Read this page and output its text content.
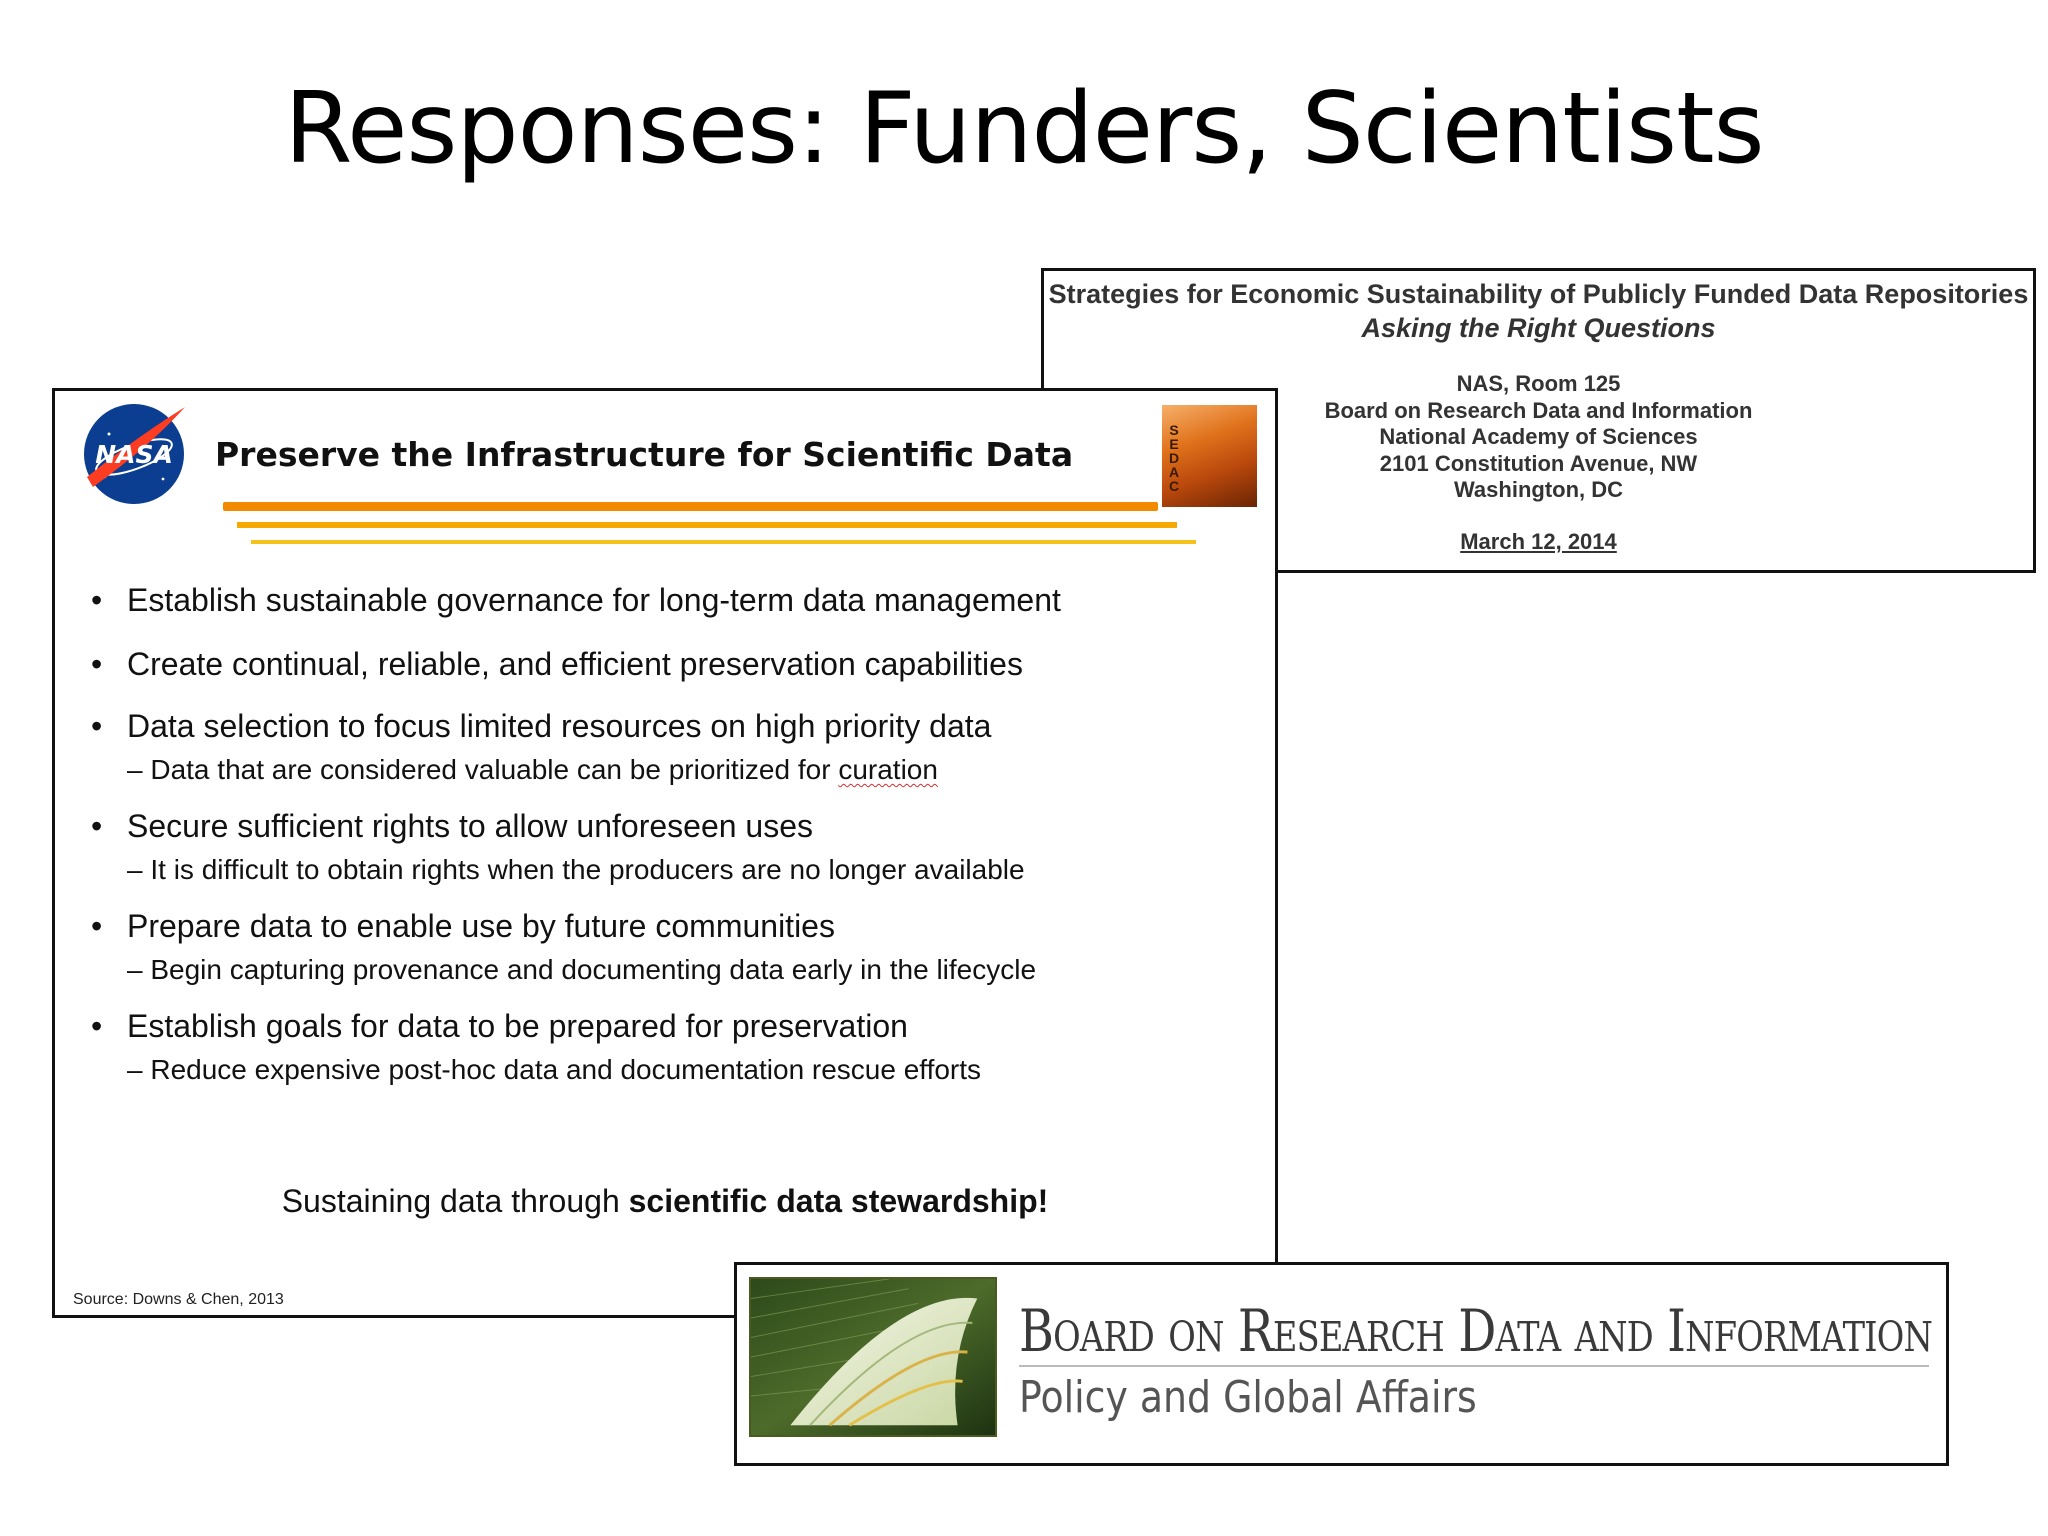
Responses: Funders, Scientists
Strategies for Economic Sustainability of Publicly Funded Data Repositories
Asking the Right Questions
NAS, Room 125
Board on Research Data and Information
National Academy of Sciences
2101 Constitution Avenue, NW
Washington, DC
March 12, 2014
NASA Preserve the Infrastructure for Scientific Data	SEDAC
• Establish sustainable governance for long-term data management
• Create continual, reliable, and efficient preservation capabilities
• Data selection to focus limited resources on high priority data
– Data that are considered valuable can be prioritized for curation
• Secure sufficient rights to allow unforeseen uses
– It is difficult to obtain rights when the producers are no longer available
• Prepare data to enable use by future communities
– Begin capturing provenance and documenting data early in the lifecycle
• Establish goals for data to be prepared for preservation
– Reduce expensive post-hoc data and documentation rescue efforts
Sustaining data through scientific data stewardship!
Source: Downs & Chen, 2013	Board on Research Data and Information
Policy and Global Affairs
